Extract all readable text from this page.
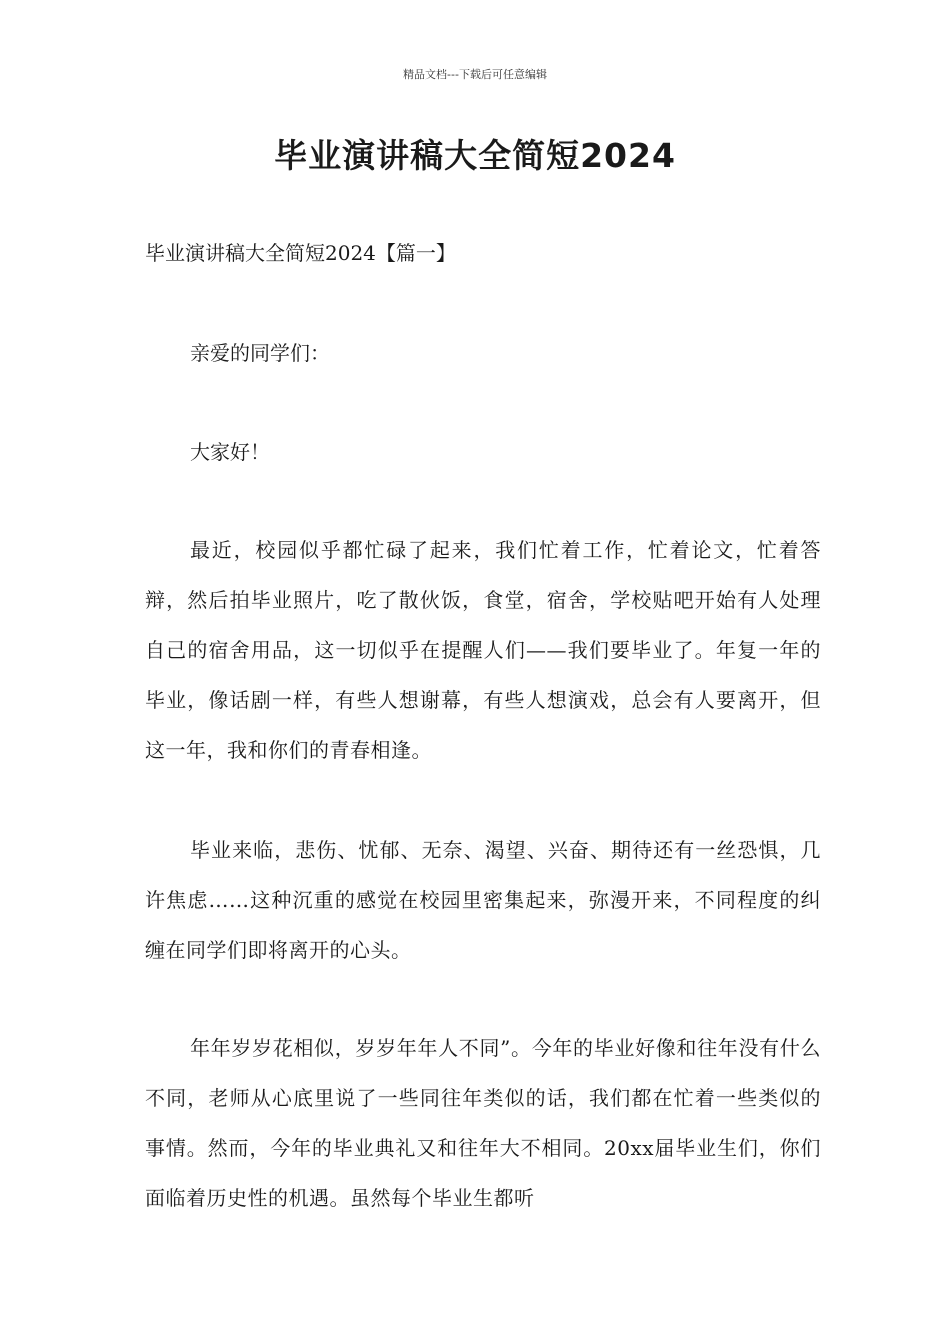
精品文档---下载后可任意编辑
毕业演讲稿大全简短2024
毕业演讲稿大全简短2024【篇一】
亲爱的同学们：
大家好！
最近，校园似乎都忙碌了起来，我们忙着工作，忙着论文，忙着答辩，然后拍毕业照片，吃了散伙饭，食堂，宿舍，学校贴吧开始有人处理自己的宿舍用品，这一切似乎在提醒人们——我们要毕业了。年复一年的毕业，像话剧一样，有些人想谢幕，有些人想演戏，总会有人要离开，但这一年，我和你们的青春相逢。
毕业来临，悲伤、忧郁、无奈、渴望、兴奋、期待还有一丝恐惧，几许焦虑……这种沉重的感觉在校园里密集起来，弥漫开来，不同程度的纠缠在同学们即将离开的心头。
年年岁岁花相似，岁岁年年人不同”。今年的毕业好像和往年没有什么不同，老师从心底里说了一些同往年类似的话，我们都在忙着一些类似的事情。然而，今年的毕业典礼又和往年大不相同。20xx届毕业生们，你们面临着历史性的机遇。虽然每个毕业生都听
